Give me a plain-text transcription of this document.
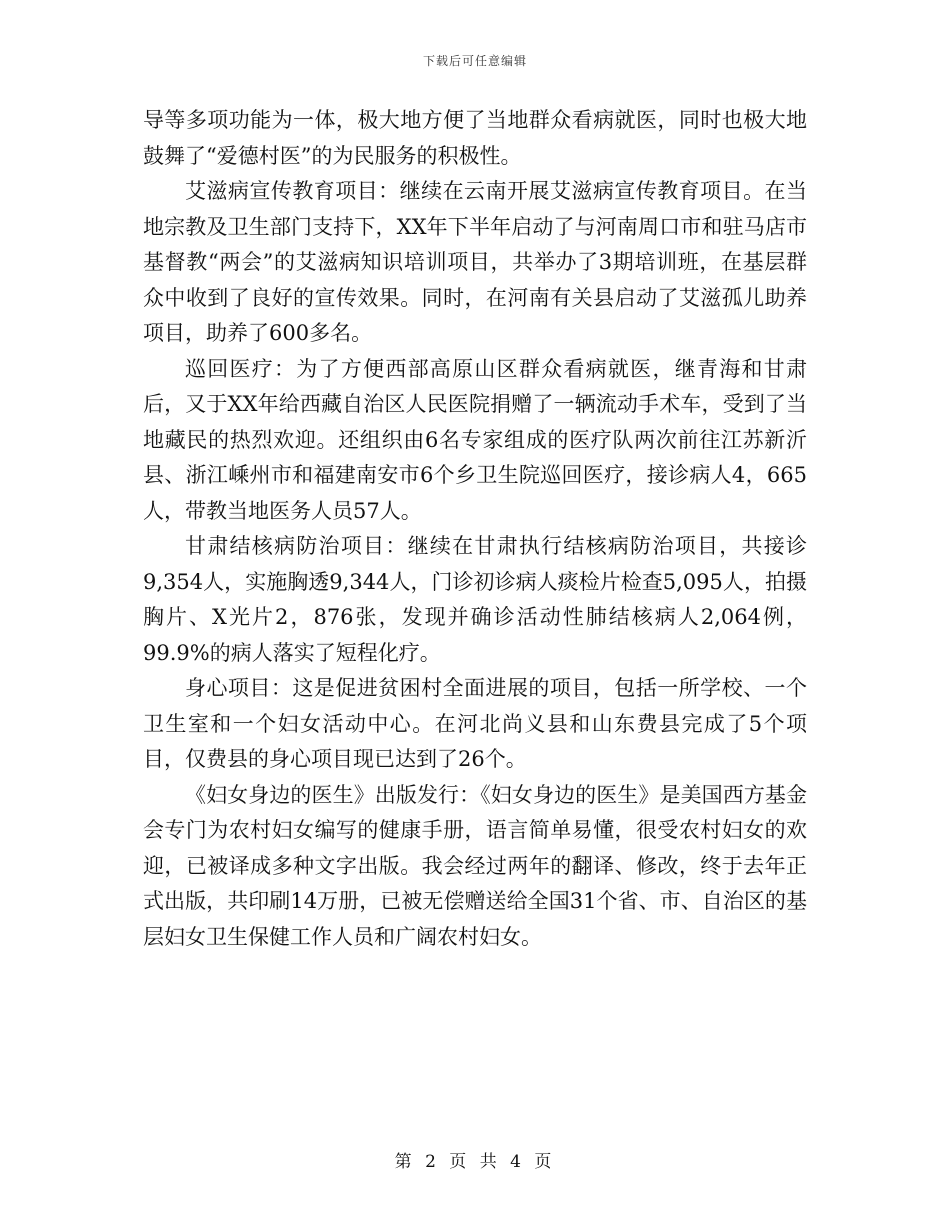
下载后可任意编辑

导等多项功能为一体，极大地方便了当地群众看病就医，同时也极大地鼓舞了“爱德村医”的为民服务的积极性。

艾滋病宣传教育项目：继续在云南开展艾滋病宣传教育项目。在当地宗教及卫生部门支持下，XX年下半年启动了与河南周口市和驻马店市基督教“两会”的艾滋病知识培训项目，共举办了3期培训班，在基层群众中收到了良好的宣传效果。同时，在河南有关县启动了艾滋孤儿助养项目，助养了600多名。

巡回医疗：为了方便西部高原山区群众看病就医，继青海和甘肃后，又于XX年给西藏自治区人民医院捐赠了一辆流动手术车，受到了当地藏民的热烈欢迎。还组织由6名专家组成的医疗队两次前往江苏新沂县、浙江嵊州市和福建南安市6个乡卫生院巡回医疗，接诊病人4，665人，带教当地医务人员57人。

甘肃结核病防治项目：继续在甘肃执行结核病防治项目，共接诊9,354人，实施胸透9,344人，门诊初诊病人痰检片检查5,095人，拍摄胸片、X光片2，876张，发现并确诊活动性肺结核病人2,064例，99.9%的病人落实了短程化疗。

身心项目：这是促进贫困村全面进展的项目，包括一所学校、一个卫生室和一个妇女活动中心。在河北尚义县和山东费县完成了5个项目，仅费县的身心项目现已达到了26个。

《妇女身边的医生》出版发行：《妇女身边的医生》是美国西方基金会专门为农村妇女编写的健康手册，语言简单易懂，很受农村妇女的欢迎，已被译成多种文字出版。我会经过两年的翻译、修改，终于去年正式出版，共印刷14万册，已被无偿赠送给全国31个省、市、自治区的基层妇女卫生保健工作人员和广阔农村妇女。

第 2 页 共 4 页
